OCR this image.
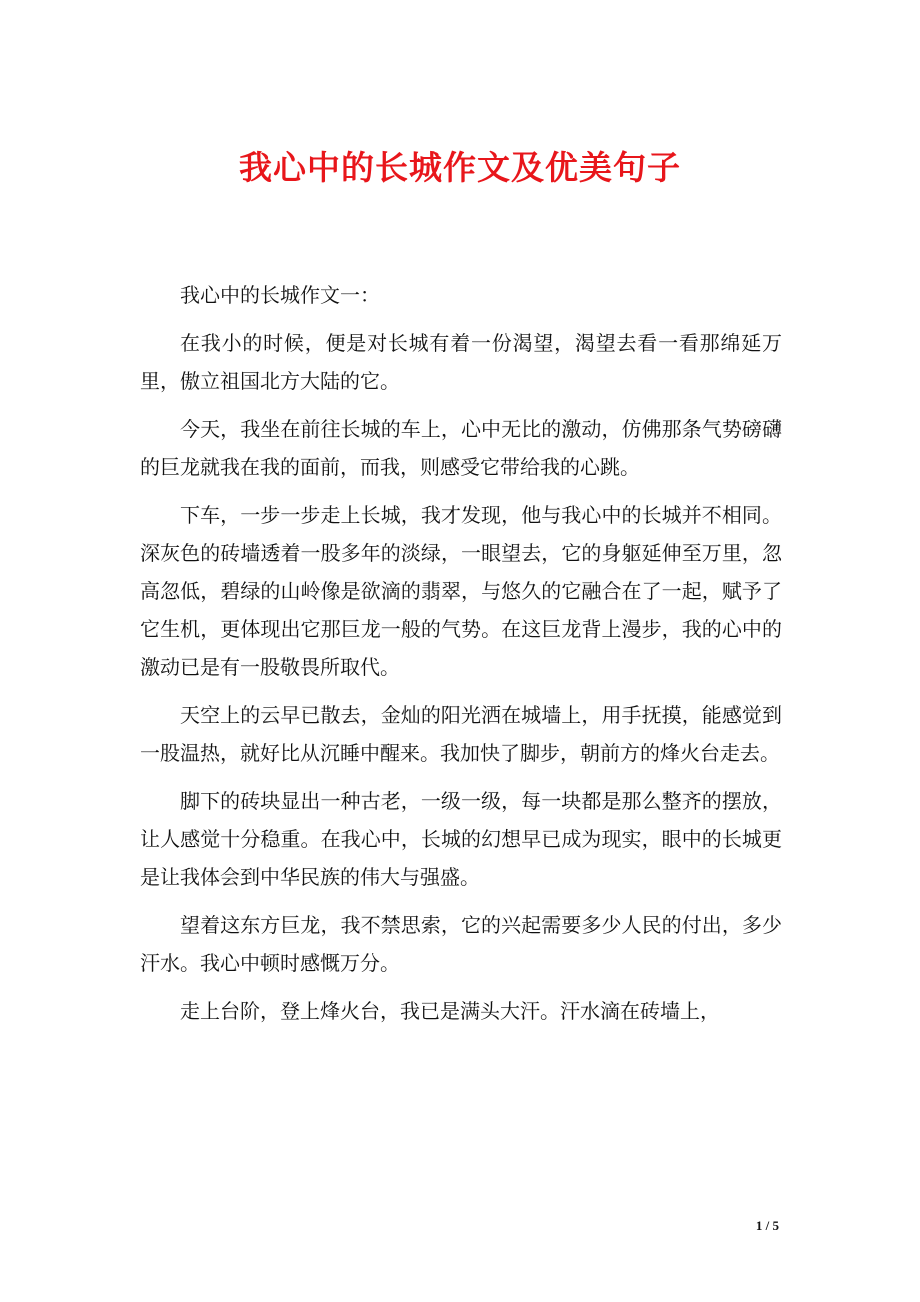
我心中的长城作文及优美句子

我心中的长城作文一：

在我小的时候，便是对长城有着一份渴望，渴望去看一看那绵延万里，傲立祖国北方大陆的它。

今天，我坐在前往长城的车上，心中无比的激动，仿佛那条气势磅礴的巨龙就我在我的面前，而我，则感受它带给我的心跳。

下车，一步一步走上长城，我才发现，他与我心中的长城并不相同。深灰色的砖墙透着一股多年的淡绿，一眼望去，它的身躯延伸至万里，忽高忽低，碧绿的山岭像是欲滴的翡翠，与悠久的它融合在了一起，赋予了它生机，更体现出它那巨龙一般的气势。在这巨龙背上漫步，我的心中的激动已是有一股敬畏所取代。

天空上的云早已散去，金灿的阳光洒在城墙上，用手抚摸，能感觉到一股温热，就好比从沉睡中醒来。我加快了脚步，朝前方的烽火台走去。

脚下的砖块显出一种古老，一级一级，每一块都是那么整齐的摆放，让人感觉十分稳重。在我心中，长城的幻想早已成为现实，眼中的长城更是让我体会到中华民族的伟大与强盛。

望着这东方巨龙，我不禁思索，它的兴起需要多少人民的付出，多少汗水。我心中顿时感慨万分。

走上台阶，登上烽火台，我已是满头大汗。汗水滴在砖墙上，

1 / 5
